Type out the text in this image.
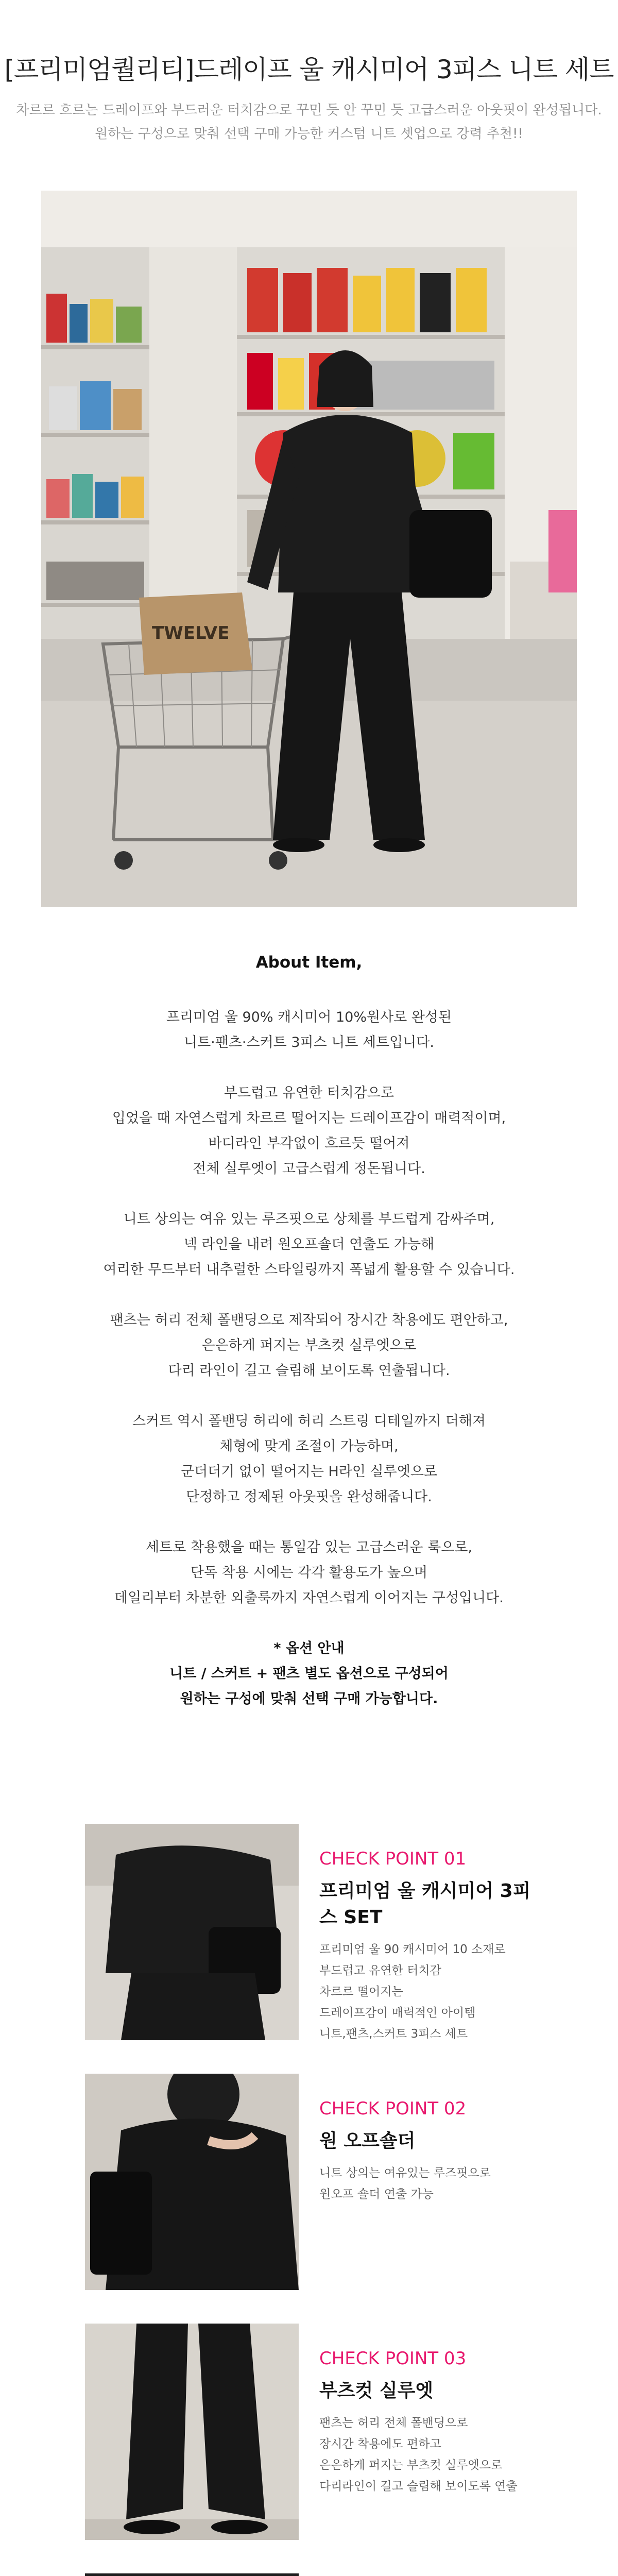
[프리미엄퀄리티]드레이프 울 캐시미어 3피스 니트 세트
차르르 흐르는 드레이프와 부드러운 터치감으로 꾸민 듯 안 꾸민 듯 고급스러운 아웃핏이 완성됩니다.
원하는 구성으로 맞춰 선택 구매 가능한 커스텀 니트 셋업으로 강력 추천!!
TWELVE
About Item,

프리미엄 울 90% 캐시미어 10%원사로 완성된
니트·팬츠·스커트 3피스 니트 세트입니다.

부드럽고 유연한 터치감으로
입었을 때 자연스럽게 차르르 떨어지는 드레이프감이 매력적이며,
바디라인 부각없이 흐르듯 떨어져
전체 실루엣이 고급스럽게 정돈됩니다.

니트 상의는 여유 있는 루즈핏으로 상체를 부드럽게 감싸주며,
넥 라인을 내려 원오프숄더 연출도 가능해
여리한 무드부터 내추럴한 스타일링까지 폭넓게 활용할 수 있습니다.

팬츠는 허리 전체 폴밴딩으로 제작되어 장시간 착용에도 편안하고,
은은하게 퍼지는 부츠컷 실루엣으로
다리 라인이 길고 슬림해 보이도록 연출됩니다.

스커트 역시 폴밴딩 허리에 허리 스트링 디테일까지 더해져
체형에 맞게 조절이 가능하며,
군더더기 없이 떨어지는 H라인 실루엣으로
단정하고 정제된 아웃핏을 완성해줍니다.

세트로 착용했을 때는 통일감 있는 고급스러운 룩으로,
단독 착용 시에는 각각 활용도가 높으며
데일리부터 차분한 외출룩까지 자연스럽게 이어지는 구성입니다.

* 옵션 안내
니트 / 스커트 + 팬츠 별도 옵션으로 구성되어
원하는 구성에 맞춰 선택 구매 가능합니다.

CHECK POINT 01
프리미엄 울 캐시미어 3피스 SET
프리미엄 울 90 캐시미어 10 소재로
부드럽고 유연한 터치감
차르르 떨어지는
드레이프감이 매력적인 아이템
니트,팬츠,스커트 3피스 세트
CHECK POINT 02
원 오프숄더
니트 상의는 여유있는 루즈핏으로
원오프 숄더 연출 가능
CHECK POINT 03
부츠컷 실루엣
팬츠는 허리 전체 폴밴딩으로
장시간 착용에도 편하고
은은하게 퍼지는 부츠컷 실루엣으로
다리라인이 길고 슬림해 보이도록 연출
